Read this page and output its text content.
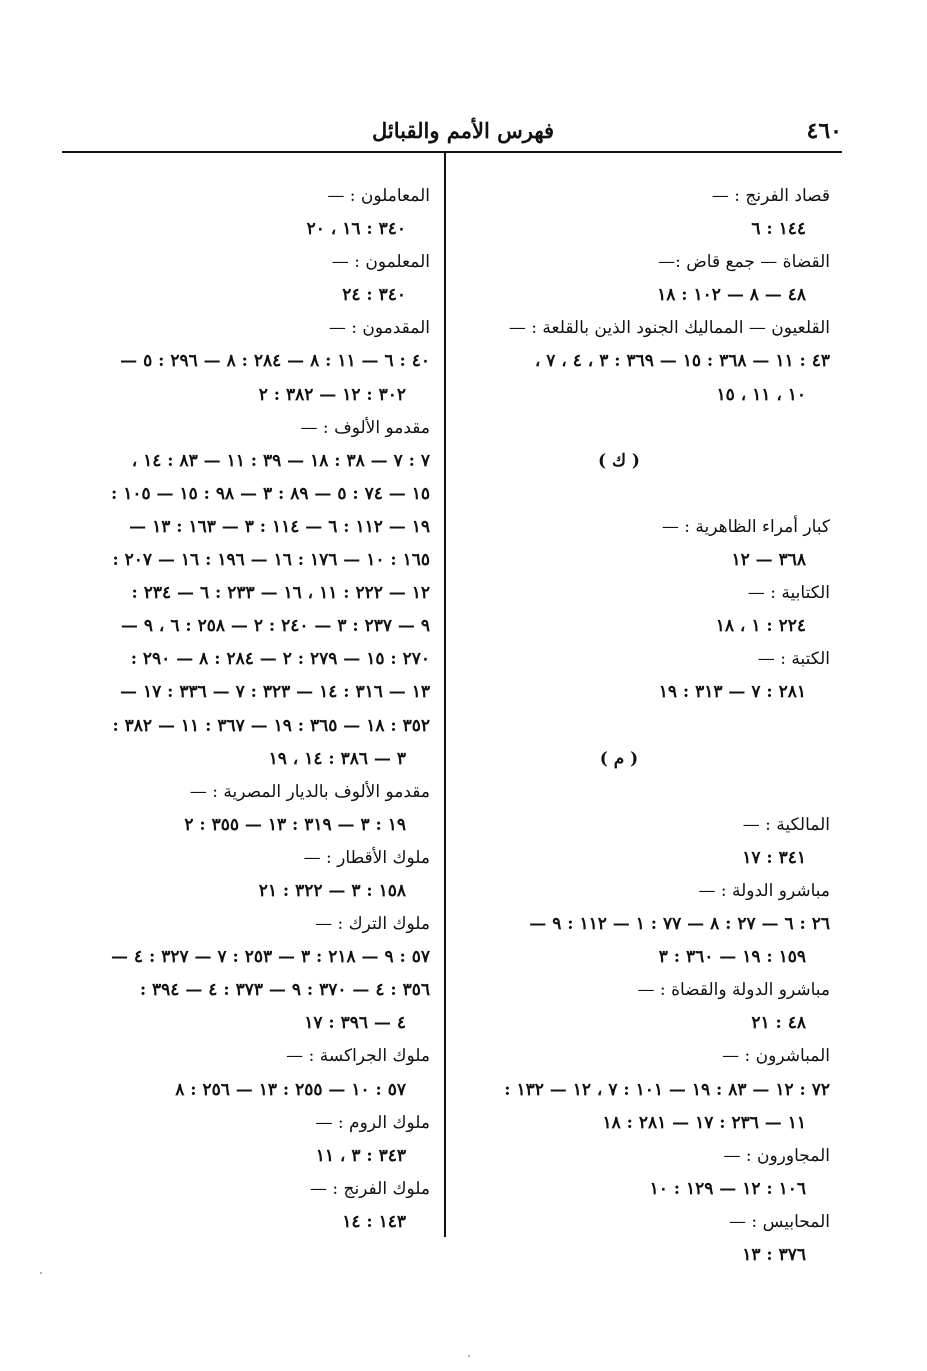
٤٦٠
فهرس الأمم والقبائل
قصاد الفرنج : —
١٤٤ : ٦
القضاة — جمع قاض :—
٤٨ — ٨ — ١٠٢ : ١٨
القلعيون — المماليك الجنود الذين بالقلعة : —
٤٣ : ١١ — ٣٦٨ : ١٥ — ٣٦٩ : ٣ ، ٤ ، ٧ ،
١٠ ، ١١ ، ١٥
( ك )
كبار أمراء الظاهرية : —
٣٦٨ — ١٢
الكتابية : —
٢٢٤ : ١ ، ١٨
الكتبة : —
٢٨١ : ٧ — ٣١٣ : ١٩
( م )
المالكية : —
٣٤١ : ١٧
مباشرو الدولة : —
٢٦ : ٦ — ٢٧ : ٨ — ٧٧ : ١ — ١١٢ : ٩ —
١٥٩ : ١٩ — ٣٦٠ : ٣
مباشرو الدولة والقضاة : —
٤٨ : ٢١
المباشرون : —
٧٢ : ١٢ — ٨٣ : ١٩ — ١٠١ : ٧ ، ١٢ — ١٣٢ :
١١ — ٢٣٦ : ١٧ — ٢٨١ : ١٨
المجاورون : —
١٠٦ : ١٢ — ١٢٩ : ١٠
المحابيس : —
٣٧٦ : ١٣
المعاملون : —
٣٤٠ : ١٦ ، ٢٠
المعلمون : —
٣٤٠ : ٢٤
المقدمون : —
٤٠ : ٦ — ١١ : ٨ — ٢٨٤ : ٨ — ٢٩٦ : ٥ —
٣٠٢ : ١٢ — ٣٨٢ : ٢
مقدمو الألوف : —
٧ : ٧ — ٣٨ : ١٨ — ٣٩ : ١١ — ٨٣ : ١٤ ،
١٥ — ٧٤ : ٥ — ٨٩ : ٣ — ٩٨ : ١٥ — ١٠٥ :
١٩ — ١١٢ : ٦ — ١١٤ : ٣ — ١٦٣ : ١٣ —
١٦٥ : ١٠ — ١٧٦ : ١٦ — ١٩٦ : ١٦ — ٢٠٧ :
١٢ — ٢٢٢ : ١١ ، ١٦ — ٢٣٣ : ٦ — ٢٣٤ :
٩ — ٢٣٧ : ٣ — ٢٤٠ : ٢ — ٢٥٨ : ٦ ، ٩ —
٢٧٠ : ١٥ — ٢٧٩ : ٢ — ٢٨٤ : ٨ — ٢٩٠ :
١٣ — ٣١٦ : ١٤ — ٣٢٣ : ٧ — ٣٣٦ : ١٧ —
٣٥٢ : ١٨ — ٣٦٥ : ١٩ — ٣٦٧ : ١١ — ٣٨٢ :
٣ — ٣٨٦ : ١٤ ، ١٩
مقدمو الألوف بالديار المصرية : —
١٩ : ٣ — ٣١٩ : ١٣ — ٣٥٥ : ٢
ملوك الأقطار : —
١٥٨ : ٣ — ٣٢٢ : ٢١
ملوك الترك : —
٥٧ : ٩ — ٢١٨ : ٣ — ٢٥٣ : ٧ — ٣٢٧ : ٤ —
٣٥٦ : ٤ — ٣٧٠ : ٩ — ٣٧٣ : ٤ — ٣٩٤ :
٤ — ٣٩٦ : ١٧
ملوك الجراكسة : —
٥٧ : ١٠ — ٢٥٥ : ١٣ — ٢٥٦ : ٨
ملوك الروم : —
٣٤٣ : ٣ ، ١١
ملوك الفرنج : —
١٤٣ : ١٤
